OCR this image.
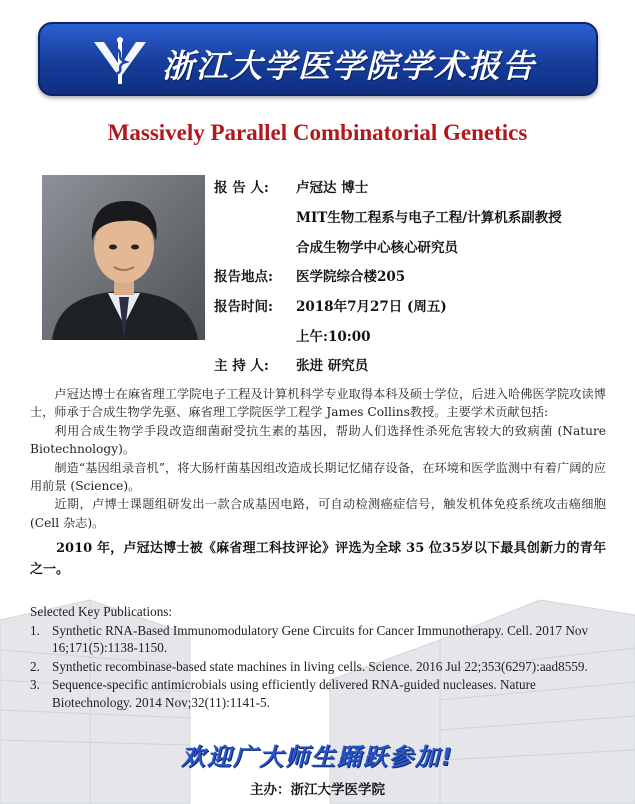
浙江大学医学院学术报告
Massively Parallel Combinatorial Genetics
报 告 人: 卢冠达 博士
MIT生物工程系与电子工程/计算机系副教授
合成生物学中心核心研究员
报告地点: 医学院综合楼205
报告时间: 2018年7月27日 (周五)
上午:10:00
主 持 人: 张进 研究员

卢冠达博士在麻省理工学院电子工程及计算机科学专业取得本科及硕士学位，后进入哈佛医学院攻读博士，师承于合成生物学先驱、麻省理工学院医学工程学 James Collins教授。主要学术贡献包括:

利用合成生物学手段改造细菌耐受抗生素的基因，帮助人们选择性杀死危害较大的致病菌 (Nature Biotechnology)。

制造“基因组录音机”，将大肠杆菌基因组改造成长期记忆储存设备，在环境和医学监测中有着广阔的应用前景 (Science)。

近期，卢博士课题组研发出一款合成基因电路，可自动检测癌症信号，触发机体免疫系统攻击癌细胞 (Cell 杂志)。

2010 年，卢冠达博士被《麻省理工科技评论》评选为全球 35 位35岁以下最具创新力的青年之一。

Selected Key Publications:
1. Synthetic RNA-Based Immunomodulatory Gene Circuits for Cancer Immunotherapy. Cell. 2017 Nov 16;171(5):1138-1150.
2. Synthetic recombinase-based state machines in living cells. Science. 2016 Jul 22;353(6297):aad8559.
3. Sequence-specific antimicrobials using efficiently delivered RNA-guided nucleases. Nature Biotechnology. 2014 Nov;32(11):1141-5.
欢迎广大师生踊跃参加!
主办：浙江大学医学院
